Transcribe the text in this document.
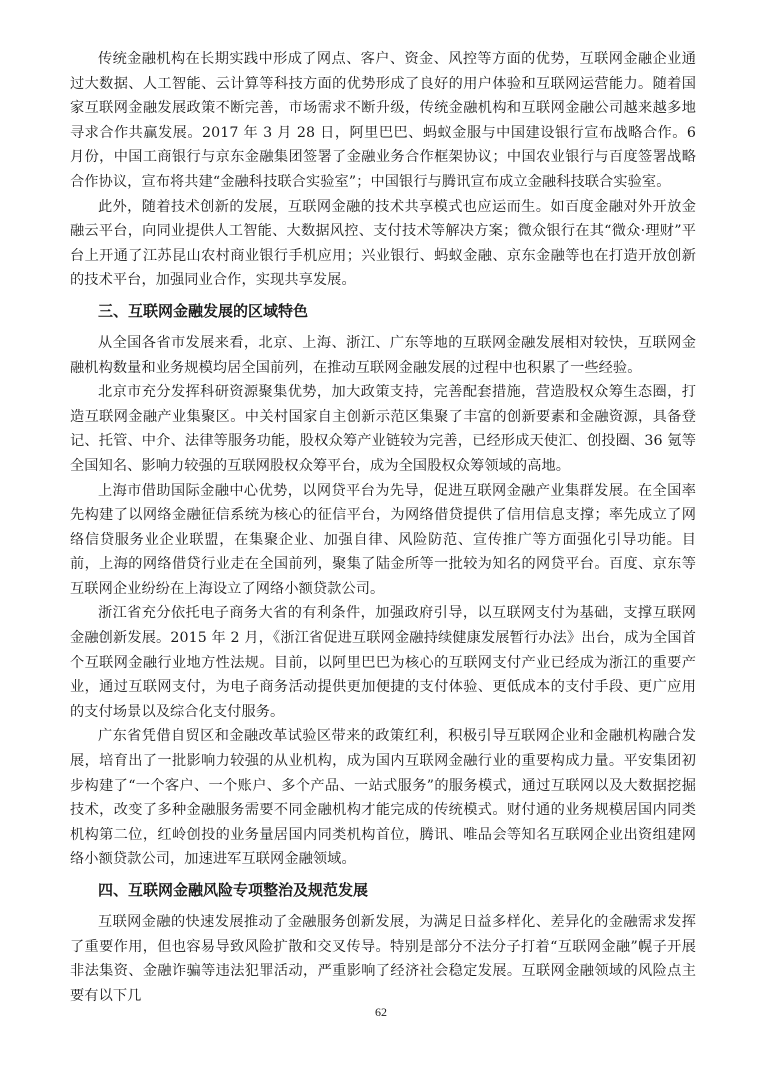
传统金融机构在长期实践中形成了网点、客户、资金、风控等方面的优势，互联网金融企业通过大数据、人工智能、云计算等科技方面的优势形成了良好的用户体验和互联网运营能力。随着国家互联网金融发展政策不断完善，市场需求不断升级，传统金融机构和互联网金融公司越来越多地寻求合作共赢发展。2017 年 3 月 28 日，阿里巴巴、蚂蚁金服与中国建设银行宣布战略合作。6 月份，中国工商银行与京东金融集团签署了金融业务合作框架协议；中国农业银行与百度签署战略合作协议，宣布将共建“金融科技联合实验室”；中国银行与腾讯宣布成立金融科技联合实验室。

此外，随着技术创新的发展，互联网金融的技术共享模式也应运而生。如百度金融对外开放金融云平台，向同业提供人工智能、大数据风控、支付技术等解决方案；微众银行在其“微众·理财”平台上开通了江苏昆山农村商业银行手机应用；兴业银行、蚂蚁金融、京东金融等也在打造开放创新的技术平台，加强同业合作，实现共享发展。

三、互联网金融发展的区域特色

从全国各省市发展来看，北京、上海、浙江、广东等地的互联网金融发展相对较快，互联网金融机构数量和业务规模均居全国前列，在推动互联网金融发展的过程中也积累了一些经验。

北京市充分发挥科研资源聚集优势，加大政策支持，完善配套措施，营造股权众筹生态圈，打造互联网金融产业集聚区。中关村国家自主创新示范区集聚了丰富的创新要素和金融资源，具备登记、托管、中介、法律等服务功能，股权众筹产业链较为完善，已经形成天使汇、创投圈、36 氪等全国知名、影响力较强的互联网股权众筹平台，成为全国股权众筹领域的高地。

上海市借助国际金融中心优势，以网贷平台为先导，促进互联网金融产业集群发展。在全国率先构建了以网络金融征信系统为核心的征信平台，为网络借贷提供了信用信息支撑；率先成立了网络信贷服务业企业联盟，在集聚企业、加强自律、风险防范、宣传推广等方面强化引导功能。目前，上海的网络借贷行业走在全国前列，聚集了陆金所等一批较为知名的网贷平台。百度、京东等互联网企业纷纷在上海设立了网络小额贷款公司。

浙江省充分依托电子商务大省的有利条件，加强政府引导，以互联网支付为基础，支撑互联网金融创新发展。2015 年 2 月，《浙江省促进互联网金融持续健康发展暂行办法》出台，成为全国首个互联网金融行业地方性法规。目前，以阿里巴巴为核心的互联网支付产业已经成为浙江的重要产业，通过互联网支付，为电子商务活动提供更加便捷的支付体验、更低成本的支付手段、更广应用的支付场景以及综合化支付服务。

广东省凭借自贸区和金融改革试验区带来的政策红利，积极引导互联网企业和金融机构融合发展，培育出了一批影响力较强的从业机构，成为国内互联网金融行业的重要构成力量。平安集团初步构建了“一个客户、一个账户、多个产品、一站式服务”的服务模式，通过互联网以及大数据挖掘技术，改变了多种金融服务需要不同金融机构才能完成的传统模式。财付通的业务规模居国内同类机构第二位，红岭创投的业务量居国内同类机构首位，腾讯、唯品会等知名互联网企业出资组建网络小额贷款公司，加速进军互联网金融领域。

四、互联网金融风险专项整治及规范发展

互联网金融的快速发展推动了金融服务创新发展，为满足日益多样化、差异化的金融需求发挥了重要作用，但也容易导致风险扩散和交叉传导。特别是部分不法分子打着“互联网金融”幌子开展非法集资、金融诈骗等违法犯罪活动，严重影响了经济社会稳定发展。互联网金融领域的风险点主要有以下几

62
